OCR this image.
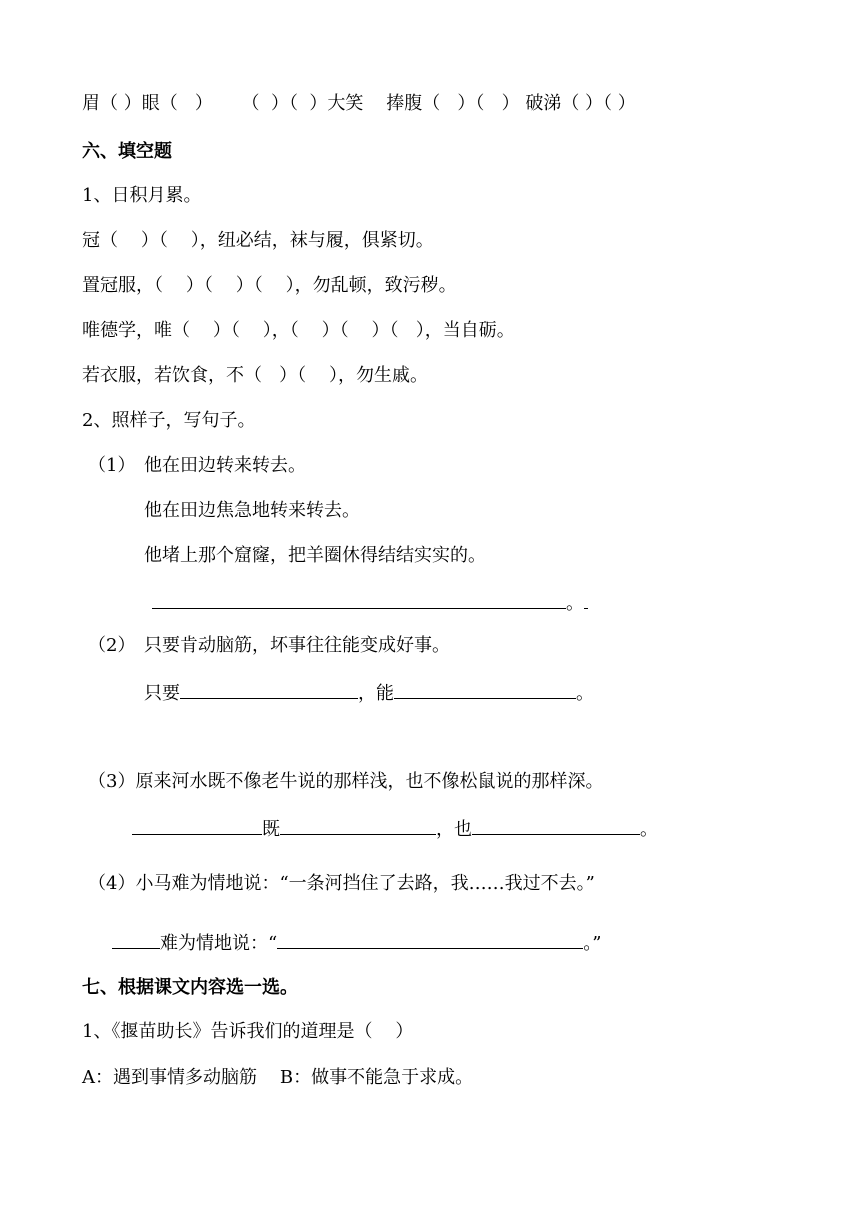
眉（ ）眼（   ）     （  ）（  ）大笑    捧腹（   ）（   ） 破涕（ ）（ ）

六、填空题

1、日积月累。

冠（    ）（    ），纽必结，袜与履，俱紧切。

置冠服，（    ）（    ）（    ），勿乱顿，致污秽。

唯德学，唯（    ）（    ），（    ）（    ）（   ），当自砺。

若衣服，若饮食，不（   ）（    ），勿生戚。

2、照样子，写句子。

（1） 他在田边转来转去。

他在田边焦急地转来转去。

他堵上那个窟窿，把羊圈休得结结实实的。

。

（2） 只要肯动脑筋，坏事往往能变成好事。

只要	，能	。

（3）原来河水既不像老牛说的那样浅，也不像松鼠说的那样深。

既	，也	。

（4）小马难为情地说：“一条河挡住了去路，我……我过不去。”

难为情地说：“	。”

七、根据课文内容选一选。

1、《揠苗助长》告诉我们的道理是（    ）

A：遇到事情多动脑筋    B：做事不能急于求成。
